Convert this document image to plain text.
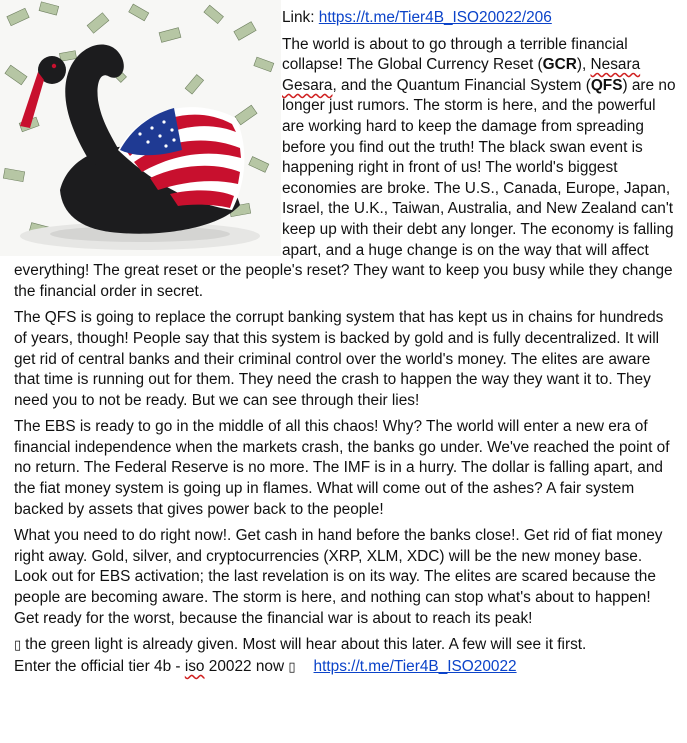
Link: https://t.me/Tier4B_ISO20022/206

The world is about to go through a terrible financial collapse! The Global Currency Reset (GCR), Nesara Gesara, and the Quantum Financial System (QFS) are no longer just rumors. The storm is here, and the powerful are working hard to keep the damage from spreading before you find out the truth! The black swan event is happening right in front of us! The world's biggest economies are broke. The U.S., Canada, Europe, Japan, Israel, the U.K., Taiwan, Australia, and New Zealand can't keep up with their debt any longer. The economy is falling apart, and a huge change is on the way that will affect everything! The great reset or the people's reset? They want to keep you busy while they change the financial order in secret.

The QFS is going to replace the corrupt banking system that has kept us in chains for hundreds of years, though! People say that this system is backed by gold and is fully decentralized. It will get rid of central banks and their criminal control over the world's money. The elites are aware that time is running out for them. They need the crash to happen the way they want it to. They need you to not be ready. But we can see through their lies!

The EBS is ready to go in the middle of all this chaos! Why? The world will enter a new era of financial independence when the markets crash, the banks go under. We've reached the point of no return. The Federal Reserve is no more. The IMF is in a hurry. The dollar is falling apart, and the fiat money system is going up in flames. What will come out of the ashes? A fair system backed by assets that gives power back to the people!

What you need to do right now!. Get cash in hand before the banks close!. Get rid of fiat money right away. Gold, silver, and cryptocurrencies (XRP, XLM, XDC) will be the new money base. Look out for EBS activation; the last revelation is on its way. The elites are scared because the people are becoming aware. The storm is here, and nothing can stop what's about to happen! Get ready for the worst, because the financial war is about to reach its peak!

▯ the green light is already given. Most will hear about this later. A few will see it first.
Enter the official tier 4b - iso 20022 now ▯ https://t.me/Tier4B_ISO20022
